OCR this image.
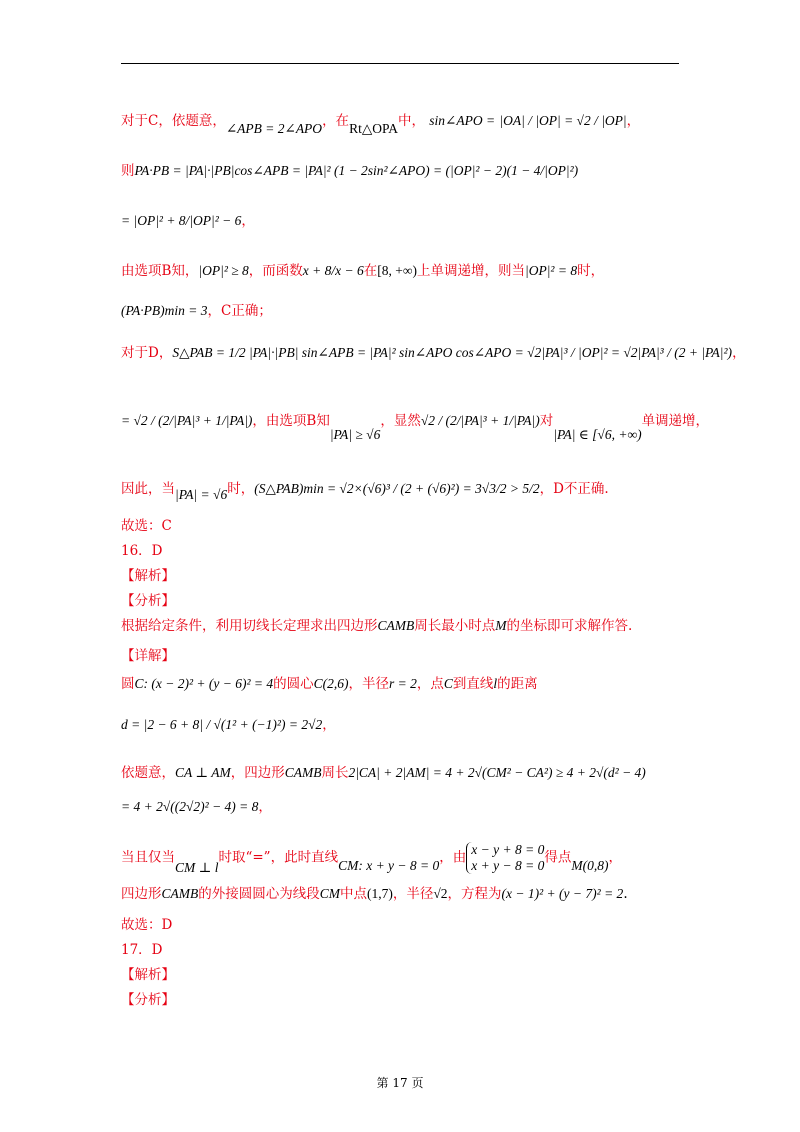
对于C，依题意，∠APB = 2∠APO，在Rt△OPA中， sin∠APO = |OA| / |OP| = √2 / |OP|，
则PA·PB = |PA|·|PB|cos∠APB = |PA|² (1 − 2sin²∠APO) = (|OP|² − 2)(1 − 4/|OP|²)
= |OP|² + 8/|OP|² − 6，
由选项B知，|OP|² ≥ 8，而函数x + 8/x − 6在[8, +∞)上单调递增，则当|OP|² = 8时，
(PA·PB)min = 3，C正确；
对于D，S△PAB = 1/2 |PA|·|PB| sin∠APB = |PA|² sin∠APO cos∠APO = √2|PA|³ / |OP|² = √2|PA|³ / (2 + |PA|²)，
= √2 / (2/|PA|³ + 1/|PA|)，由选项B知|PA| ≥ √6，显然√2 / (2/|PA|³ + 1/|PA|)对|PA| ∈ [√6, +∞)单调递增，
因此，当|PA| = √6时，(S△PAB)min = √2×(√6)³ / (2 + (√6)²) = 3√3/2 > 5/2，D不正确.
故选：C
16．D
【解析】
【分析】
根据给定条件，利用切线长定理求出四边形CAMB周长最小时点M的坐标即可求解作答.
【详解】
圆C: (x − 2)² + (y − 6)² = 4的圆心C(2,6)，半径r = 2，点C到直线l的距离
d = |2 − 6 + 8| / √(1² + (−1)²) = 2√2，
依题意，CA ⊥ AM，四边形CAMB周长2|CA| + 2|AM| = 4 + 2√(CM² − CA²) ≥ 4 + 2√(d² − 4)
= 4 + 2√((2√2)² − 4) = 8，
当且仅当CM ⊥ l时取“=”，此时直线CM: x + y − 8 = 0，由 x − y + 8 = 0
x + y − 8 = 0 得点M(0,8)，
四边形CAMB的外接圆圆心为线段CM中点(1,7)，半径√2，方程为(x − 1)² + (y − 7)² = 2.
故选：D
17．D
【解析】
【分析】
第 17 页
